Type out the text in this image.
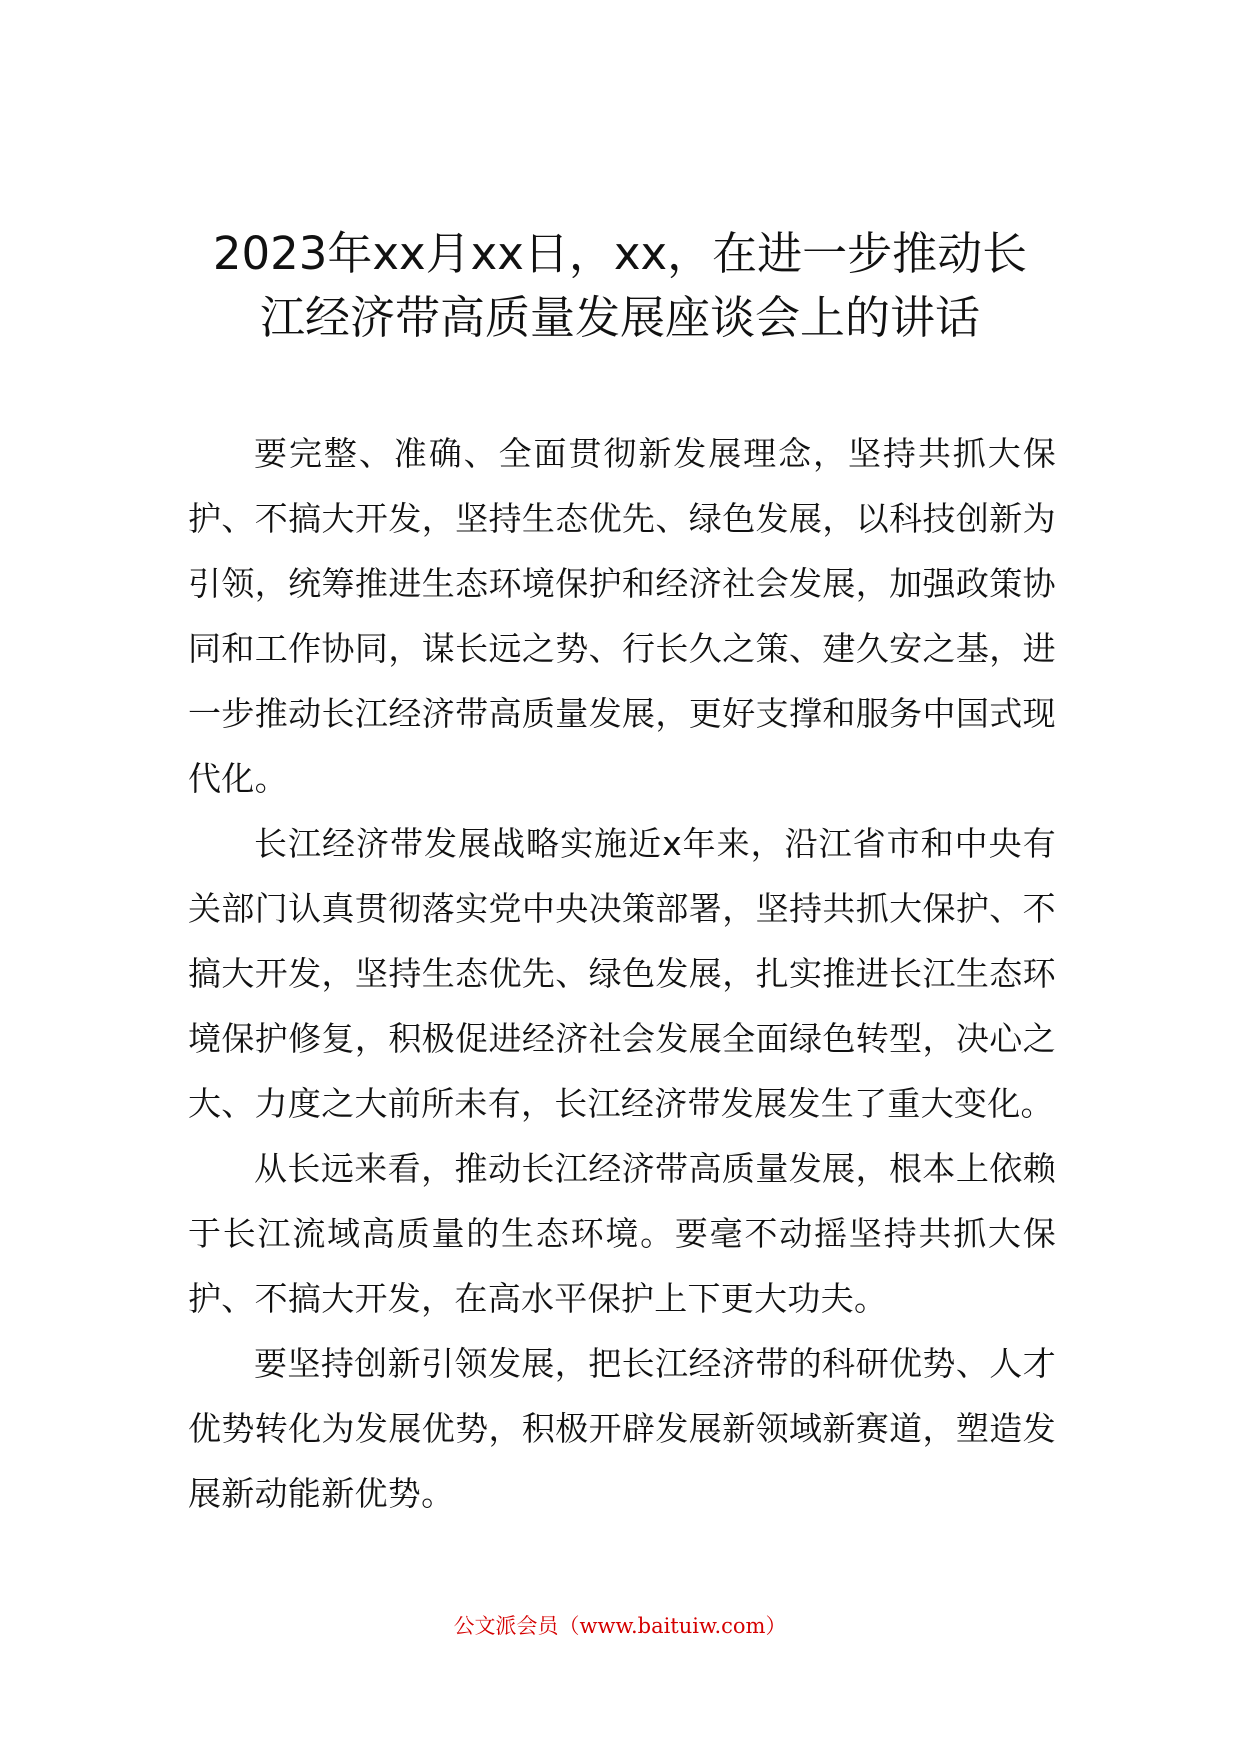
2023年xx月xx日，xx，在进一步推动长
江经济带高质量发展座谈会上的讲话

要完整、准确、全面贯彻新发展理念，坚持共抓大保护、不搞大开发，坚持生态优先、绿色发展，以科技创新为引领，统筹推进生态环境保护和经济社会发展，加强政策协同和工作协同，谋长远之势、行长久之策、建久安之基，进一步推动长江经济带高质量发展，更好支撑和服务中国式现代化。

长江经济带发展战略实施近x年来，沿江省市和中央有关部门认真贯彻落实党中央决策部署，坚持共抓大保护、不搞大开发，坚持生态优先、绿色发展，扎实推进长江生态环境保护修复，积极促进经济社会发展全面绿色转型，决心之大、力度之大前所未有，长江经济带发展发生了重大变化。

从长远来看，推动长江经济带高质量发展，根本上依赖于长江流域高质量的生态环境。要毫不动摇坚持共抓大保护、不搞大开发，在高水平保护上下更大功夫。

要坚持创新引领发展，把长江经济带的科研优势、人才优势转化为发展优势，积极开辟发展新领域新赛道，塑造发展新动能新优势。

公文派会员（www.baituiw.com）
